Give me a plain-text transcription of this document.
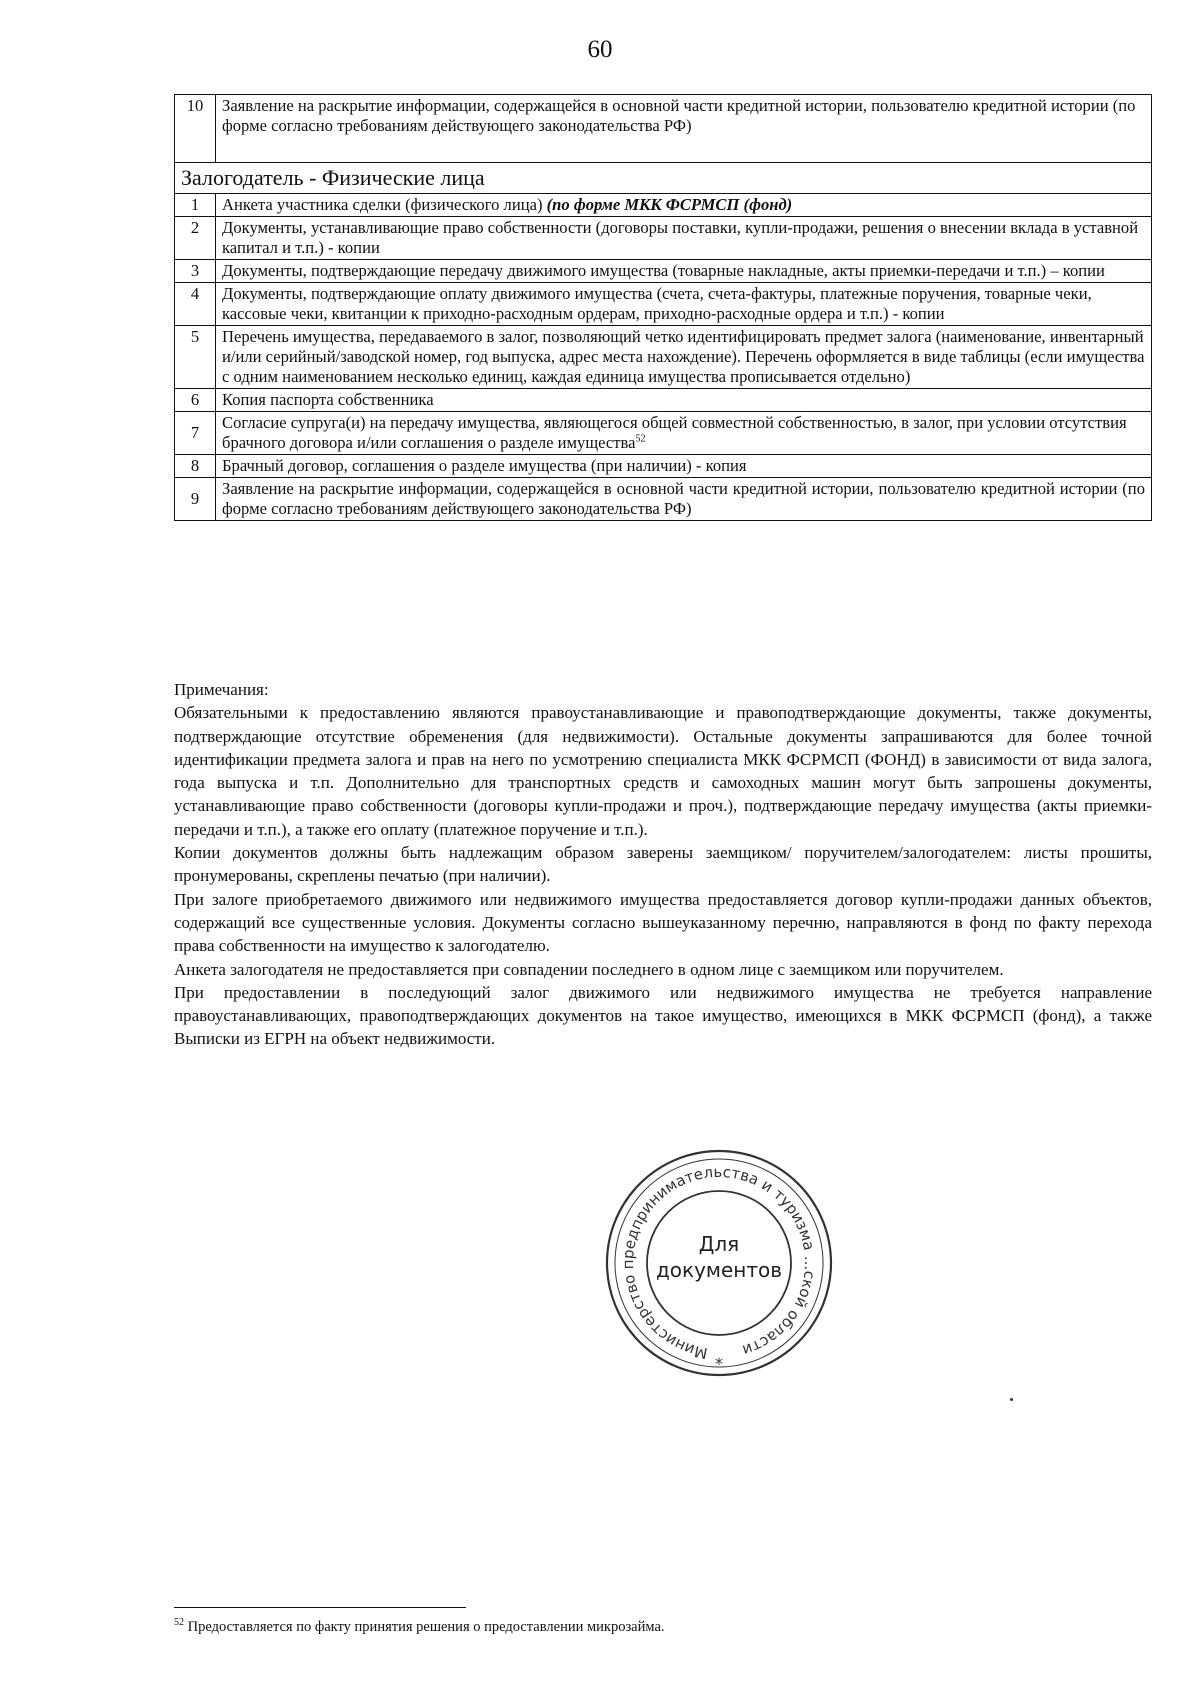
60
10	Заявление на раскрытие информации, содержащейся в основной части кредитной истории, пользователю кредитной истории (по форме согласно требованиям действующего законодательства РФ)
Залогодатель - Физические лица	
1	Анкета участника сделки (физического лица) (по форме МКК ФСРМСП (фонд)
2	Документы, устанавливающие право собственности (договоры поставки, купли-продажи, решения о внесении вклада в уставной капитал и т.п.) - копии
3	Документы, подтверждающие передачу движимого имущества (товарные накладные, акты приемки-передачи и т.п.) – копии
4	Документы, подтверждающие оплату движимого имущества (счета, счета-фактуры, платежные поручения, товарные чеки, кассовые чеки, квитанции к приходно-расходным ордерам, приходно-расходные ордера и т.п.) - копии
5	Перечень имущества, передаваемого в залог, позволяющий четко идентифицировать предмет залога (наименование, инвентарный и/или серийный/заводской номер, год выпуска, адрес места нахождение). Перечень оформляется в виде таблицы (если имущества с одним наименованием несколько единиц, каждая единица имущества прописывается отдельно)
6	Копия паспорта собственника
7	Согласие супруга(и) на передачу имущества, являющегося общей совместной собственностью, в залог, при условии отсутствия брачного договора и/или соглашения о разделе имущества$^{52}$
8	Брачный договор, соглашения о разделе имущества (при наличии) - копия
9	Заявление на раскрытие информации, содержащейся в основной части кредитной истории, пользователю кредитной истории (по форме согласно требованиям действующего законодательства РФ)

Примечания:

Обязательными к предоставлению являются правоустанавливающие и правоподтверждающие документы, также документы, подтверждающие отсутствие обременения (для недвижимости). Остальные документы запрашиваются для более точной идентификации предмета залога и прав на него по усмотрению специалиста МКК ФСРМСП (ФОНД) в зависимости от вида залога, года выпуска и т.п. Дополнительно для транспортных средств и самоходных машин могут быть запрошены документы, устанавливающие право собственности (договоры купли-продажи и проч.), подтверждающие передачу имущества (акты приемки-передачи и т.п.), а также его оплату (платежное поручение и т.п.).

Копии документов должны быть надлежащим образом заверены заемщиком/ поручителем/залогодателем: листы прошиты, пронумерованы, скреплены печатью (при наличии).

При залоге приобретаемого движимого или недвижимого имущества предоставляется договор купли-продажи данных объектов, содержащий все существенные условия. Документы согласно вышеуказанному перечню, направляются в фонд по факту перехода права собственности на имущество к залогодателю.

Анкета залогодателя не предоставляется при совпадении последнего в одном лице с заемщиком или поручителем.

При предоставлении в последующий залог движимого или недвижимого имущества не требуется направление правоустанавливающих, правоподтверждающих документов на такое имущество, имеющихся в МКК ФСРМСП (фонд), а также Выписки из ЕГРН на объект недвижимости.

Министерство предпринимательства и туризма ...ской области
*
Для
документов
$^{52}$ Предоставляется по факту принятия решения о предоставлении микрозайма.
